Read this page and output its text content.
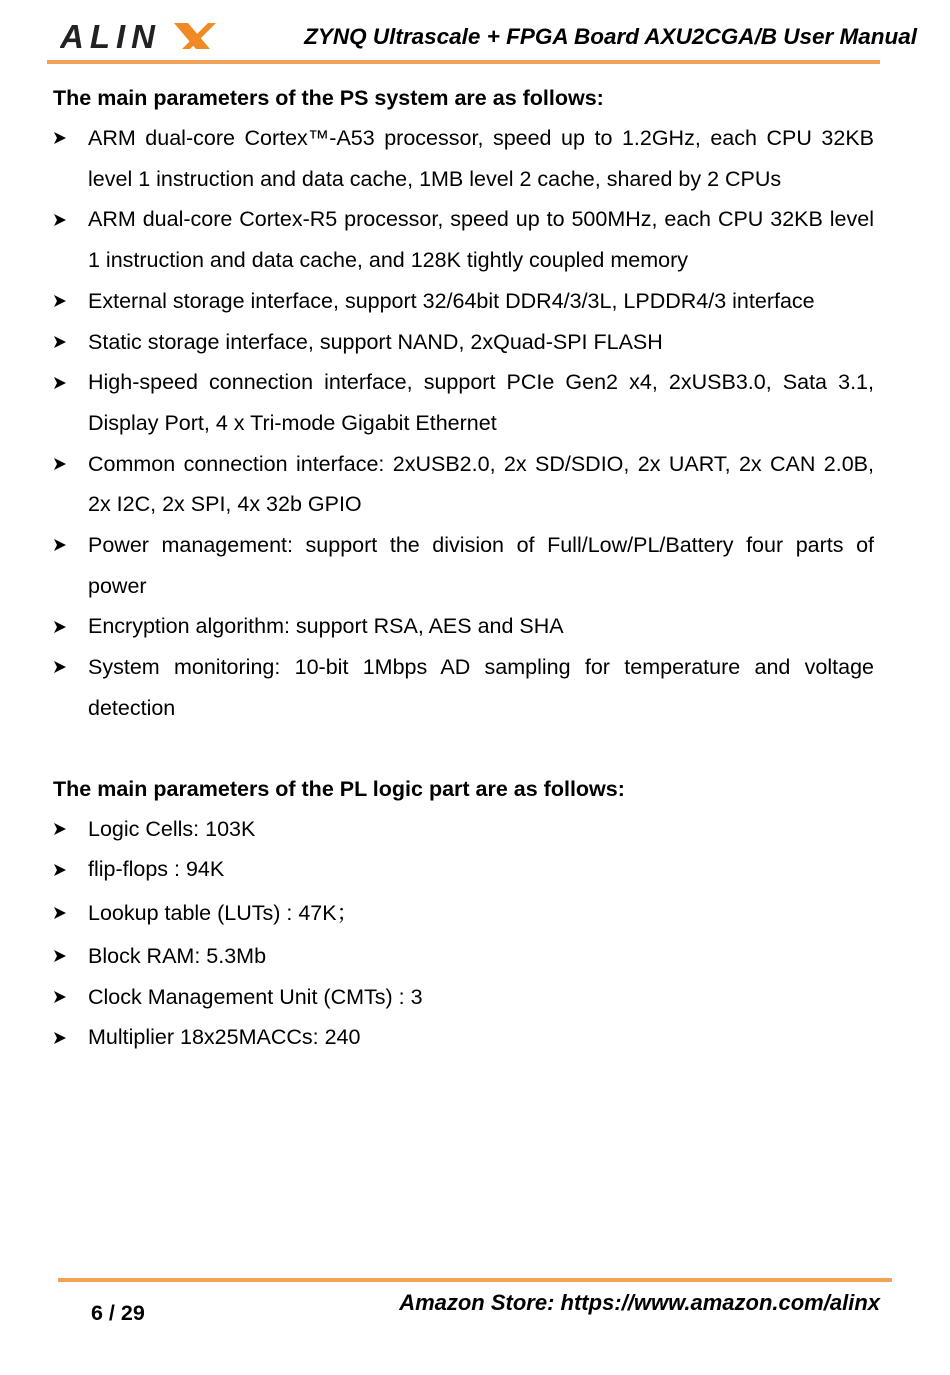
ALIN	ZYNQ Ultrascale + FPGA Board AXU2CGA/B User Manual
The main parameters of the PS system are as follows:
ARM dual-core Cortex™-A53 processor, speed up to 1.2GHz, each CPU 32KB level 1 instruction and data cache, 1MB level 2 cache, shared by 2 CPUs
ARM dual-core Cortex-R5 processor, speed up to 500MHz, each CPU 32KB level 1 instruction and data cache, and 128K tightly coupled memory
External storage interface, support 32/64bit DDR4/3/3L, LPDDR4/3 interface
Static storage interface, support NAND, 2xQuad-SPI FLASH
High-speed connection interface, support PCIe Gen2 x4, 2xUSB3.0, Sata 3.1, Display Port, 4 x Tri-mode Gigabit Ethernet
Common connection interface: 2xUSB2.0, 2x SD/SDIO, 2x UART, 2x CAN 2.0B, 2x I2C, 2x SPI, 4x 32b GPIO
Power management: support the division of Full/Low/PL/Battery four parts of power
Encryption algorithm: support RSA, AES and SHA
System monitoring: 10-bit 1Mbps AD sampling for temperature and voltage detection
The main parameters of the PL logic part are as follows:
Logic Cells: 103K
flip-flops : 94K
Lookup table (LUTs) : 47K；
Block RAM: 5.3Mb
Clock Management Unit (CMTs) : 3
Multiplier 18x25MACCs: 240
6 / 29	Amazon Store: https://www.amazon.com/alinx
